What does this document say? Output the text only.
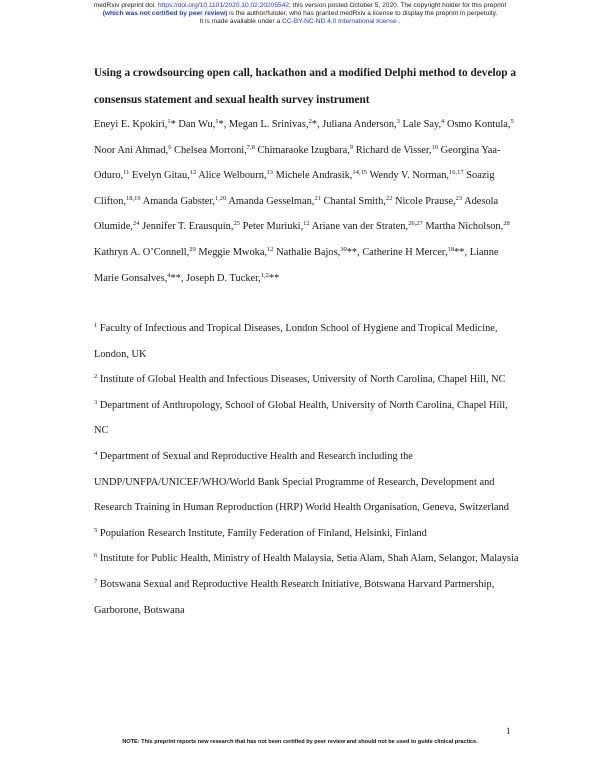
medRxiv preprint doi: https://doi.org/10.1101/2020.10.02.20205542; this version posted October 5, 2020. The copyright holder for this preprint
(which was not certified by peer review) is the author/funder, who has granted medRxiv a license to display the preprint in perpetuity.
It is made available under a CC-BY-NC-ND 4.0 International license .
Using a crowdsourcing open call, hackathon and a modified Delphi method to develop a consensus statement and sexual health survey instrument
Eneyi E. Kpokiri,$^1$* Dan Wu,$^1$*, Megan L. Srinivas,$^2$*, Juliana Anderson,$^3$ Lale Say,$^4$ Osmo Kontula,$^5$ Noor Ani Ahmad,$^6$ Chelsea Morroni,$^{7,8}$ Chimaraoke Izugbara,$^9$ Richard de Visser,$^{10}$ Georgina Yaa-Oduro,$^{11}$ Evelyn Gitau,$^{12}$ Alice Welbourn,$^{13}$ Michele Andrasik,$^{14,15}$ Wendy V. Norman,$^{16,17}$ Soazig Clifton,$^{18,19}$ Amanda Gabster,$^{1,20}$ Amanda Gesselman,$^{21}$ Chantal Smith,$^{22}$ Nicole Prause,$^{23}$ Adesola Olumide,$^{24}$ Jennifer T. Erausquin,$^{25}$ Peter Muriuki,$^{12}$ Ariane van der Straten,$^{26,27}$ Martha Nicholson,$^{28}$ Kathryn A. O’Connell,$^{29}$ Meggie Mwoka,$^{12}$ Nathalie Bajos,$^{30}$**, Catherine H Mercer,$^{18}$**, Lianne Marie Gonsalves,$^4$**, Joseph D. Tucker,$^{1,2}$**
$^1$ Faculty of Infectious and Tropical Diseases, London School of Hygiene and Tropical Medicine, London, UK
$^2$ Institute of Global Health and Infectious Diseases, University of North Carolina, Chapel Hill, NC
$^3$ Department of Anthropology, School of Global Health, University of North Carolina, Chapel Hill, NC
$^4$ Department of Sexual and Reproductive Health and Research including the UNDP/UNFPA/UNICEF/WHO/World Bank Special Programme of Research, Development and Research Training in Human Reproduction (HRP) World Health Organisation, Geneva, Switzerland
$^5$ Population Research Institute, Family Federation of Finland, Helsinki, Finland
$^6$ Institute for Public Health, Ministry of Health Malaysia, Setia Alam, Shah Alam, Selangor, Malaysia
$^7$ Botswana Sexual and Reproductive Health Research Initiative, Botswana Harvard Partnership, Garborone, Botswana
1
NOTE: This preprint reports new research that has not been certified by peer review and should not be used to guide clinical practice.
